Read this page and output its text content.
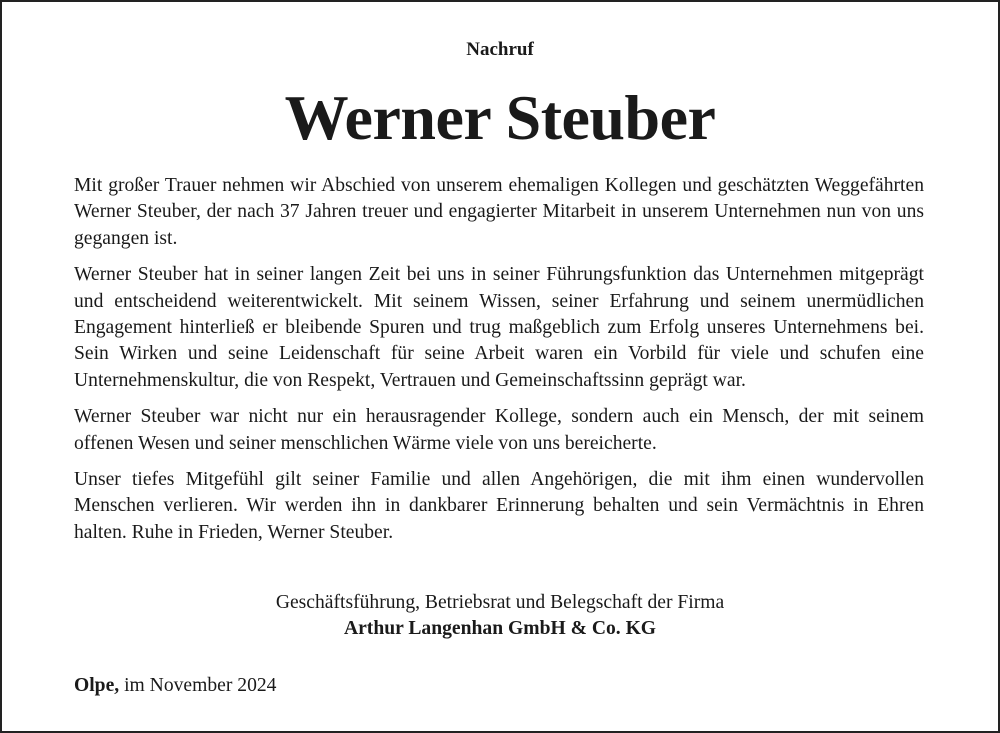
Nachruf
Werner Steuber

Mit großer Trauer nehmen wir Abschied von unserem ehemaligen Kollegen und geschätzten Weggefährten Werner Steuber, der nach 37 Jahren treuer und engagierter Mitarbeit in unserem Unternehmen nun von uns gegangen ist.

Werner Steuber hat in seiner langen Zeit bei uns in seiner Führungsfunktion das Unternehmen mitgeprägt und entscheidend weiterentwickelt. Mit seinem Wissen, seiner Erfahrung und seinem unermüdlichen Engagement hinterließ er bleibende Spuren und trug maßgeblich zum Erfolg unseres Unternehmens bei. Sein Wirken und seine Leidenschaft für seine Arbeit waren ein Vorbild für viele und schufen eine Unternehmenskultur, die von Respekt, Vertrauen und Gemeinschaftssinn geprägt war.

Werner Steuber war nicht nur ein herausragender Kollege, sondern auch ein Mensch, der mit seinem offenen Wesen und seiner menschlichen Wärme viele von uns bereicherte.

Unser tiefes Mitgefühl gilt seiner Familie und allen Angehörigen, die mit ihm einen wundervollen Menschen verlieren. Wir werden ihn in dankbarer Erinnerung behalten und sein Vermächtnis in Ehren halten. Ruhe in Frieden, Werner Steuber.

Geschäftsführung, Betriebsrat und Belegschaft der Firma
Arthur Langenhan GmbH & Co. KG
Olpe, im November 2024
